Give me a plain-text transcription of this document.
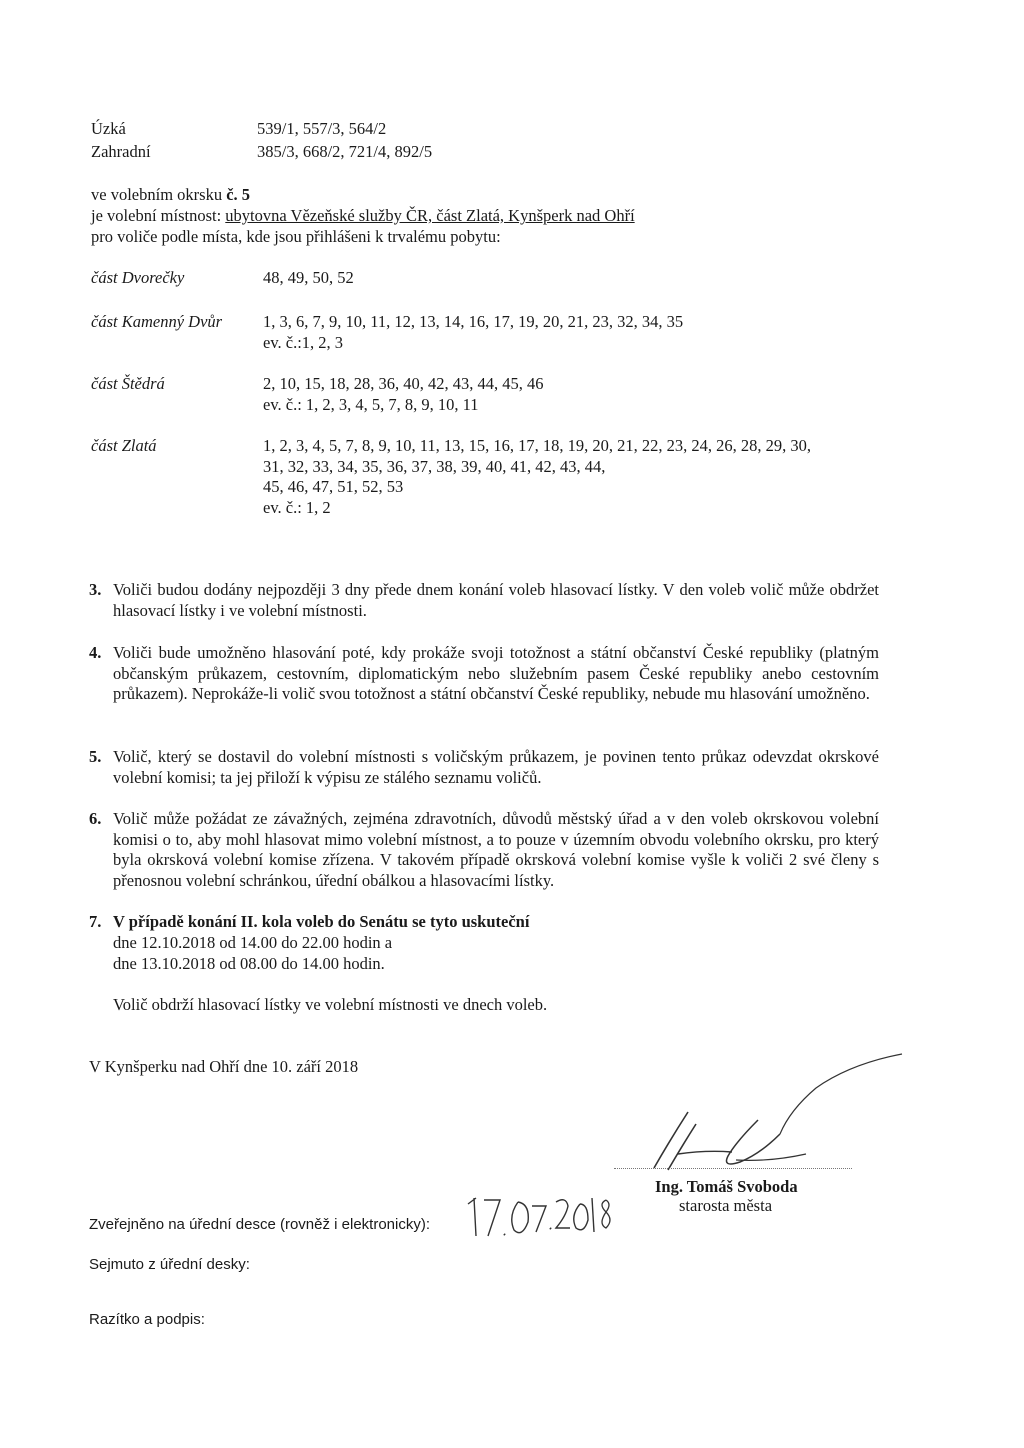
Úzká	539/1, 557/3, 564/2
Zahradní	385/3, 668/2, 721/4, 892/5
ve volebním okrsku č. 5
je volební místnost: ubytovna Vězeňské služby ČR, část Zlatá, Kynšperk nad Ohří
pro voliče podle místa, kde jsou přihlášeni k trvalému pobytu:
část Dvorečky	48, 49, 50, 52
část Kamenný Dvůr 1, 3, 6, 7, 9, 10, 11, 12, 13, 14, 16, 17, 19, 20, 21, 23, 32, 34, 35
ev. č.:1, 2, 3
část Štědrá	2, 10, 15, 18, 28, 36, 40, 42, 43, 44, 45, 46
ev. č.: 1, 2, 3, 4, 5, 7, 8, 9, 10, 11
část Zlatá	1, 2, 3, 4, 5, 7, 8, 9, 10, 11, 13, 15, 16, 17, 18, 19, 20, 21, 22, 23, 24, 26, 28, 29, 30,
31, 32, 33, 34, 35, 36, 37, 38, 39, 40, 41, 42, 43, 44,
45, 46, 47, 51, 52, 53
ev. č.: 1, 2
3. Voliči budou dodány nejpozději 3 dny přede dnem konání voleb hlasovací lístky. V den voleb volič může obdržet hlasovací lístky i ve volební místnosti.
4. Voliči bude umožněno hlasování poté, kdy prokáže svoji totožnost a státní občanství České republiky (platným občanským průkazem, cestovním, diplomatickým nebo služebním pasem České republiky anebo cestovním průkazem). Neprokáže-li volič svou totožnost a státní občanství České republiky, nebude mu hlasování umožněno.
5. Volič, který se dostavil do volební místnosti s voličským průkazem, je povinen tento průkaz odevzdat okrskové volební komisi; ta jej přiloží k výpisu ze stálého seznamu voličů.
6. Volič může požádat ze závažných, zejména zdravotních, důvodů městský úřad a v den voleb okrskovou volební komisi o to, aby mohl hlasovat mimo volební místnost, a to pouze v územním obvodu volebního okrsku, pro který byla okrsková volební komise zřízena. V takovém případě okrsková volební komise vyšle k voliči 2 své členy s přenosnou volební schránkou, úřední obálkou a hlasovacími lístky.
7. V případě konání II. kola voleb do Senátu se tyto uskuteční
dne 12.10.2018 od 14.00 do 22.00 hodin a
dne 13.10.2018 od 08.00 do 14.00 hodin.
Volič obdrží hlasovací lístky ve volební místnosti ve dnech voleb.
V Kynšperku nad Ohří dne 10. září 2018
Ing. Tomáš Svoboda
starosta města
Zveřejněno na úřední desce (rovněž i elektronicky):
Sejmuto z úřední desky:
Razítko a podpis:
